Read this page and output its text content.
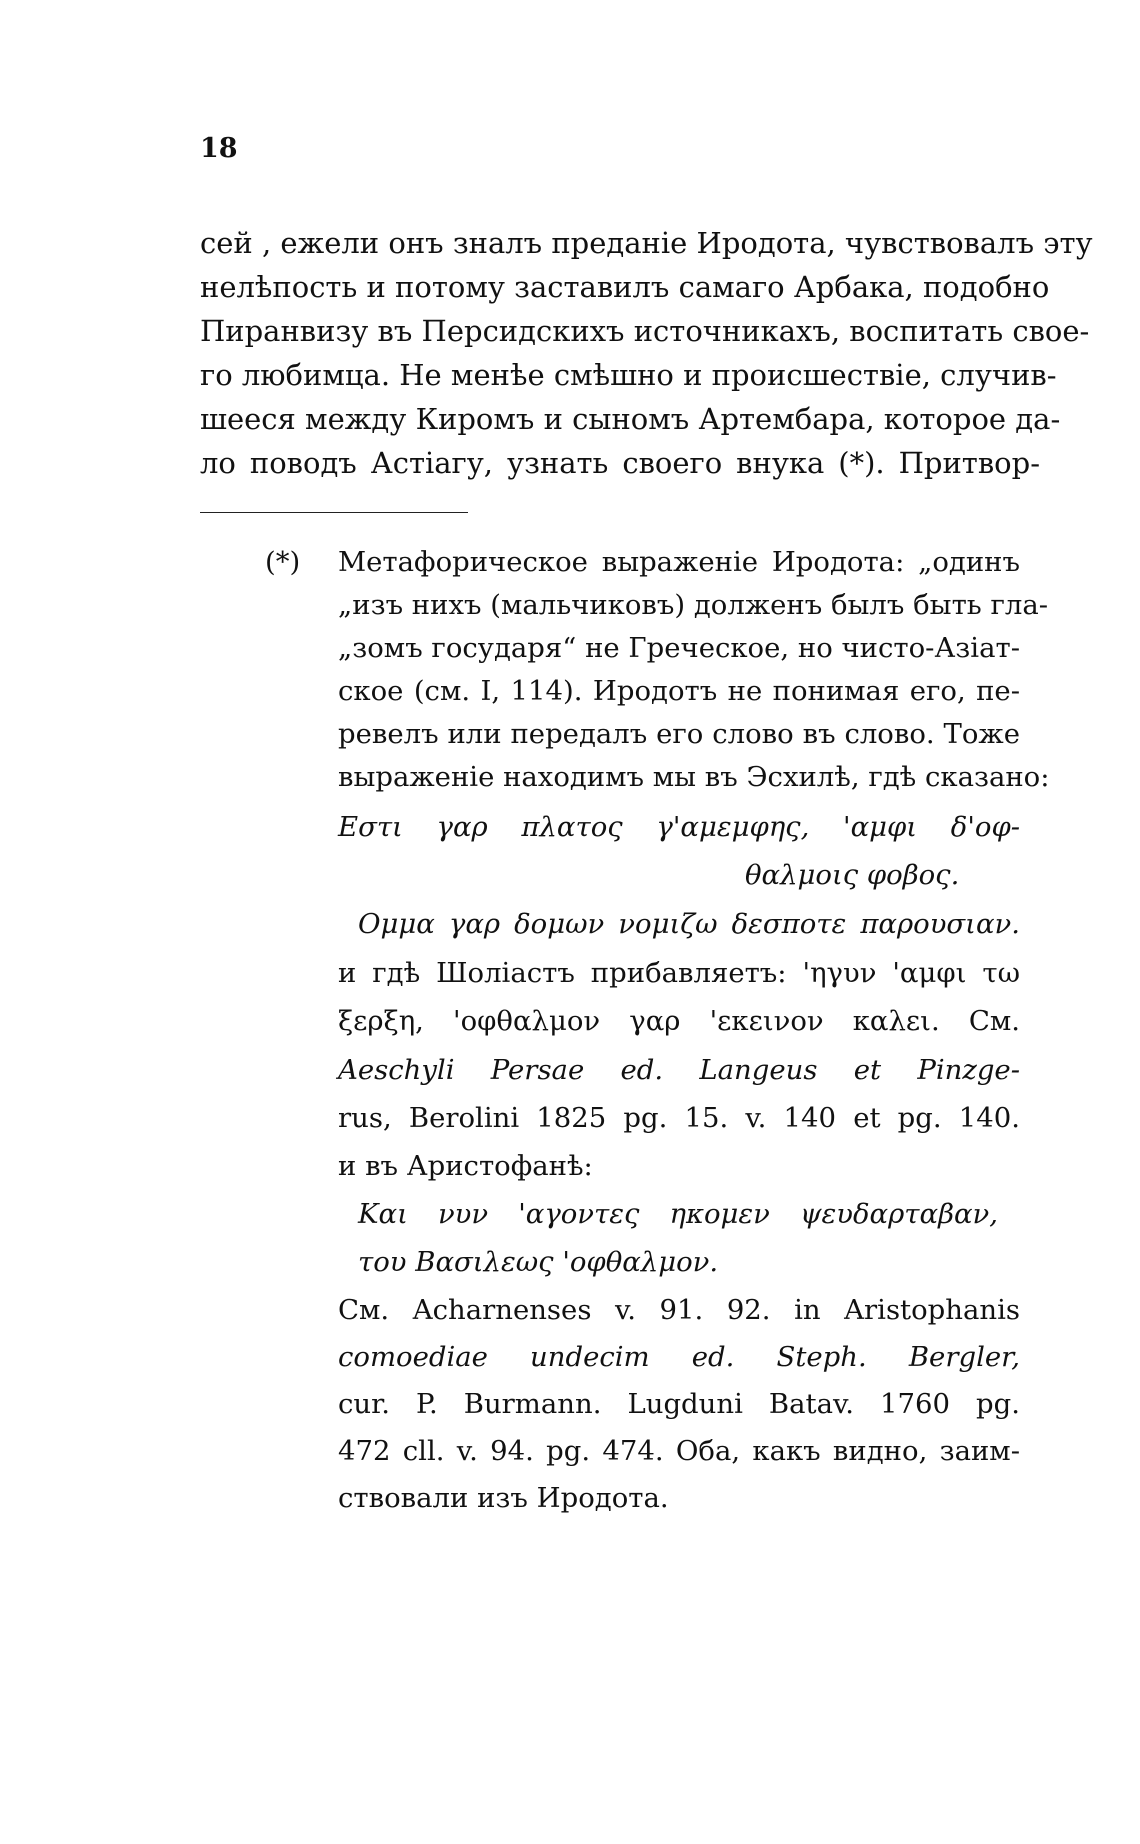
18
сей , ежели онъ зналъ преданіе Иродота, чувствовалъ эту
нелѣпость и потому заставилъ самаго Арбака, подобно
Пиранвизу въ Персидскихъ источникахъ, воспитать свое-
го любимца. Не менѣе смѣшно и происшествіе, случив-
шееся между Киромъ и сыномъ Артембара, которое да-
ло поводъ Астіагу, узнать своего внука (*). Притвор-
(*) Метафорическое выраженіе Иродота: „одинъ
„изъ нихъ (мальчиковъ) долженъ былъ быть гла-
„зомъ государя“ не Греческое, но чисто-Азіат-
ское (см. I, 114). Иродотъ не понимая его, пе-
ревелъ или передалъ его слово въ слово. Тоже
выраженіе находимъ мы въ Эсхилѣ, гдѣ сказано:
Εστι γαρ πλατος γ'αμεμφης, 'αμφι δ'οφ-
θαλμοις φοβος.
Ομμα γαρ δομων νομιζω δεσποτε παρουσιαν.
и гдѣ Шоліастъ прибавляетъ: 'ηγυν 'αμφι τω
ξερξη, 'οφθαλμον γαρ 'εκεινον καλει. См.
Aeschyli Persae ed. Langeus et Pinzge-
rus, Berolini 1825 pg. 15. v. 140 et pg. 140.
и въ Аристофанѣ:
Και νυν 'αγοντες ηκομεν ψευδαρταβαν,
του Βασιλεως 'οφθαλμον.
См. Acharnenses v. 91. 92. in Aristophanis
comoediae undecim ed. Steph. Bergler,
cur. P. Burmann. Lugduni Batav. 1760 pg.
472 cll. v. 94. pg. 474. Оба, какъ видно, заим-
ствовали изъ Иродота.
